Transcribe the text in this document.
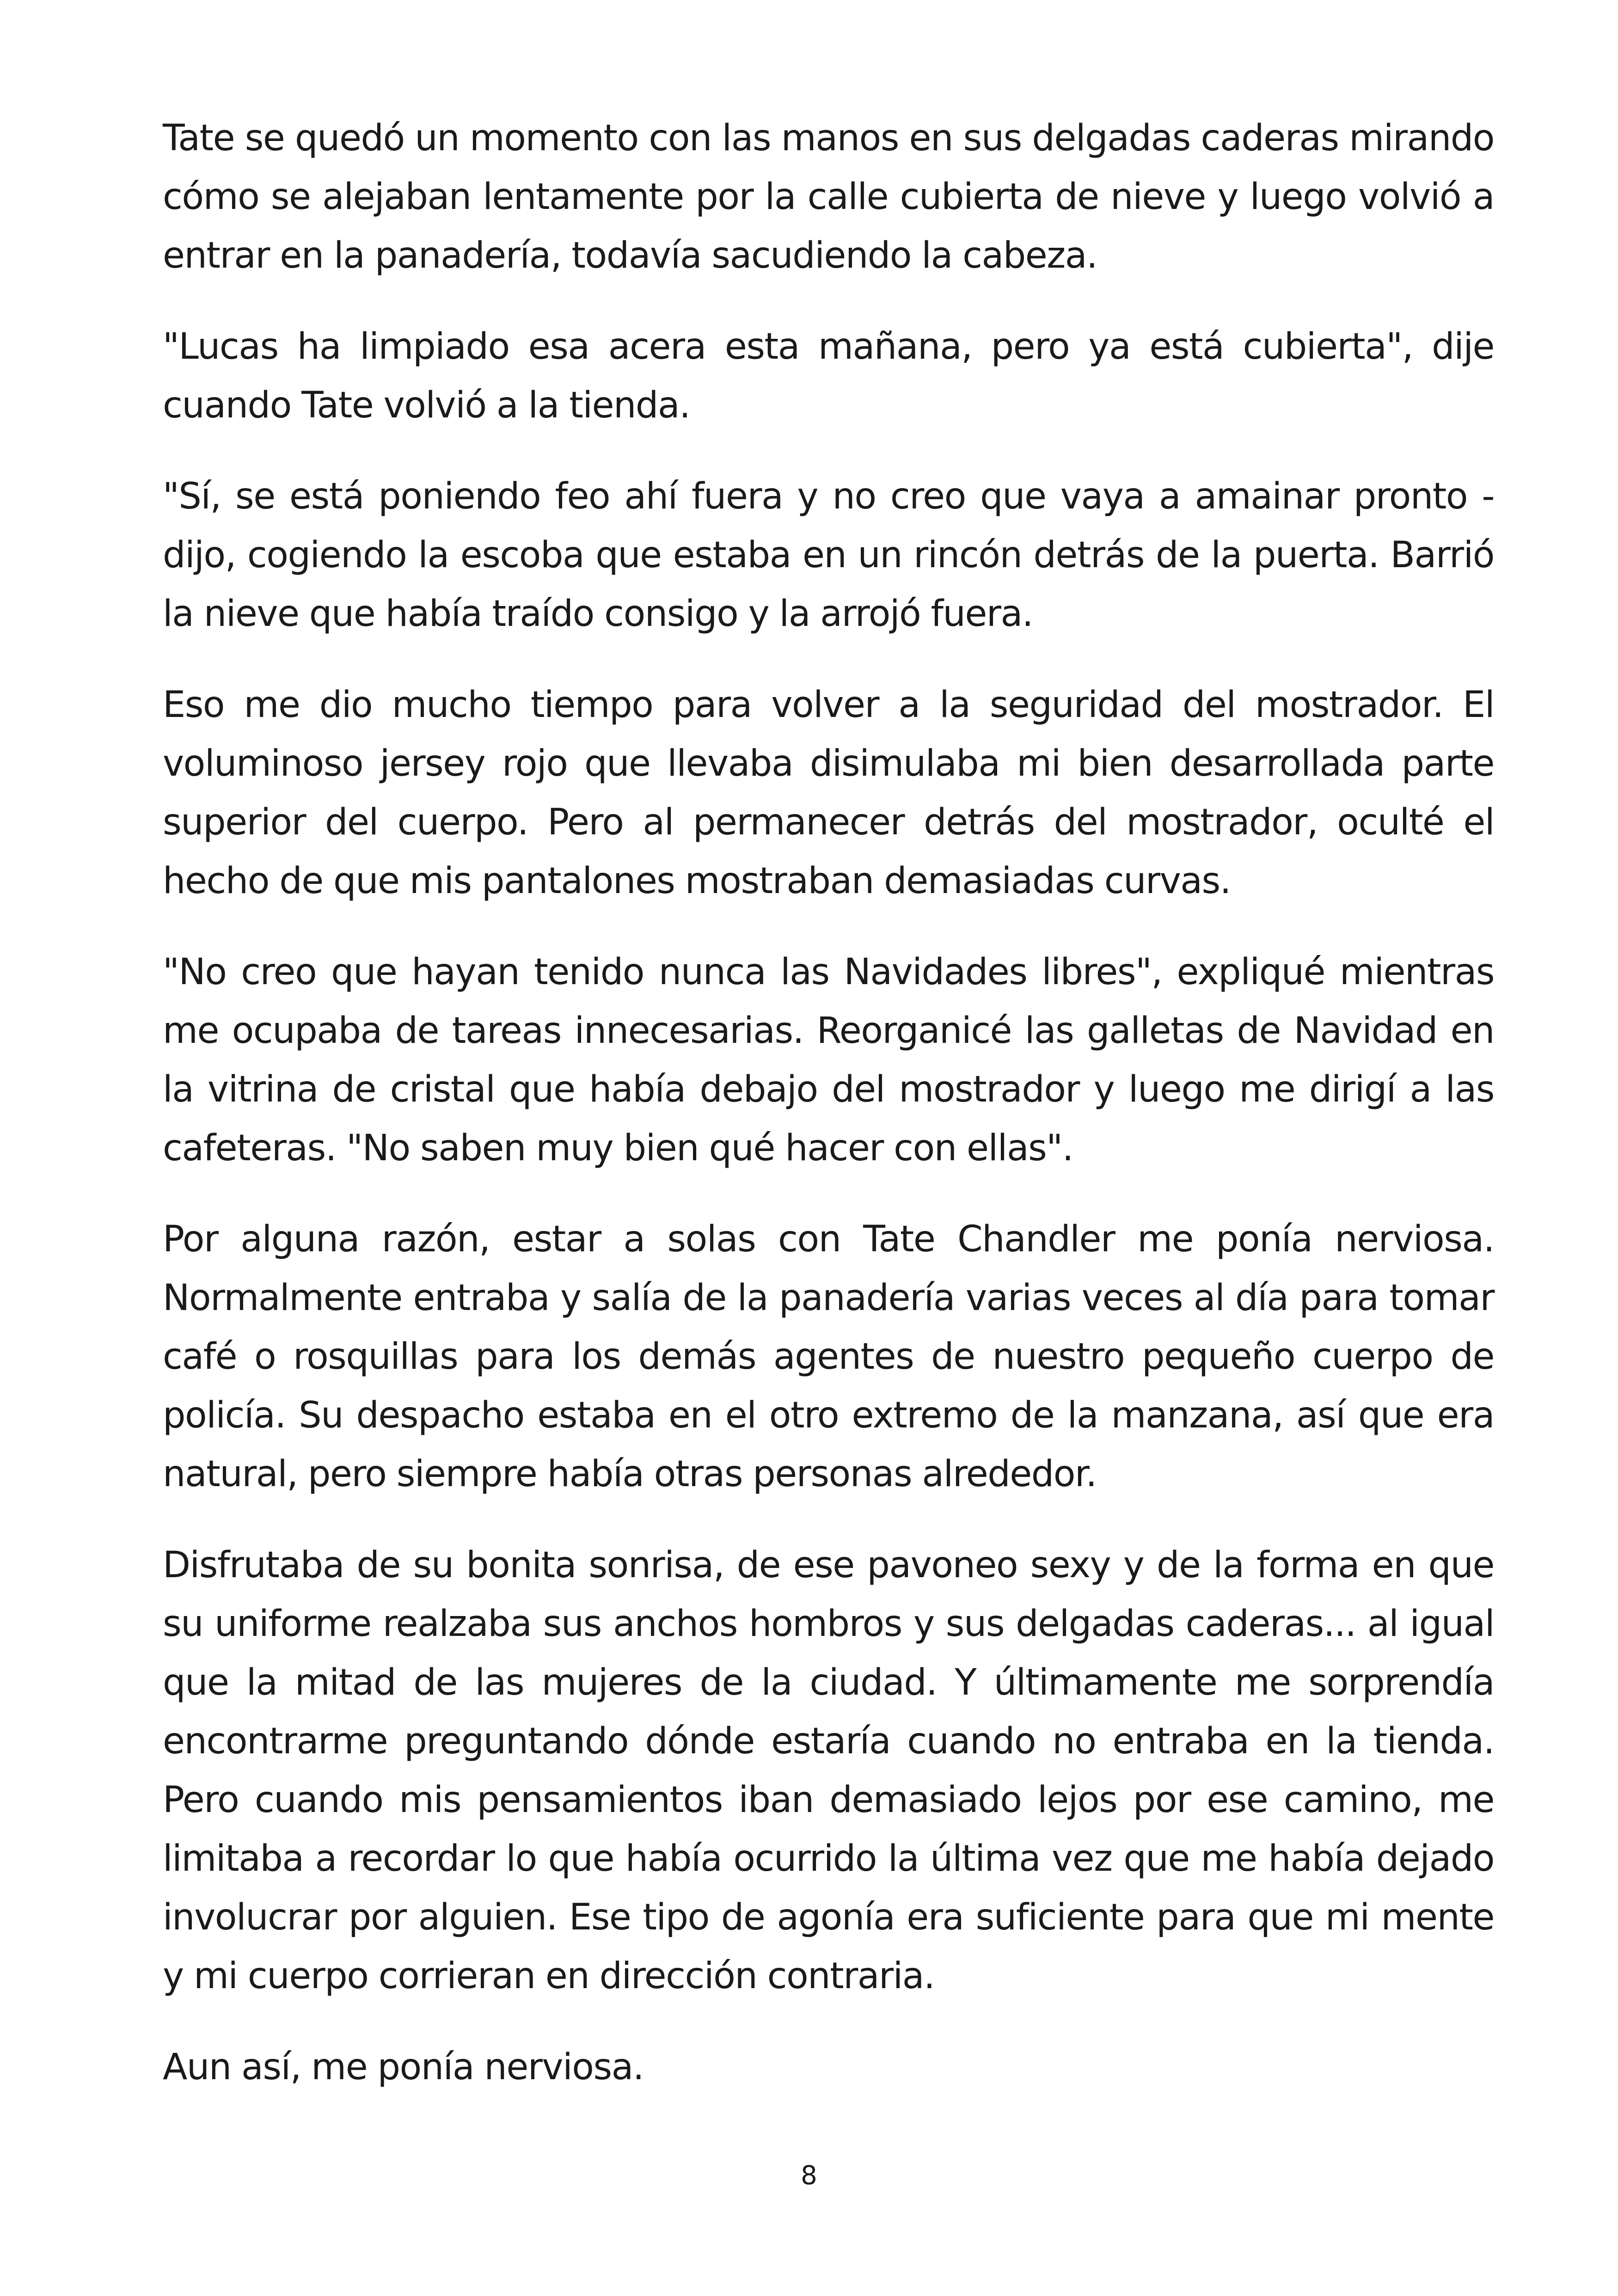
Tate se quedó un momento con las manos en sus delgadas caderas mirando cómo se alejaban lentamente por la calle cubierta de nieve y luego volvió a entrar en la panadería, todavía sacudiendo la cabeza.

"Lucas ha limpiado esa acera esta mañana, pero ya está cubierta", dije cuando Tate volvió a la tienda.

"Sí, se está poniendo feo ahí fuera y no creo que vaya a amainar pronto -dijo, cogiendo la escoba que estaba en un rincón detrás de la puerta. Barrió la nieve que había traído consigo y la arrojó fuera.

Eso me dio mucho tiempo para volver a la seguridad del mostrador. El voluminoso jersey rojo que llevaba disimulaba mi bien desarrollada parte superior del cuerpo. Pero al permanecer detrás del mostrador, oculté el hecho de que mis pantalones mostraban demasiadas curvas.

"No creo que hayan tenido nunca las Navidades libres", expliqué mientras me ocupaba de tareas innecesarias. Reorganicé las galletas de Navidad en la vitrina de cristal que había debajo del mostrador y luego me dirigí a las cafeteras. "No saben muy bien qué hacer con ellas".

Por alguna razón, estar a solas con Tate Chandler me ponía nerviosa. Normalmente entraba y salía de la panadería varias veces al día para tomar café o rosquillas para los demás agentes de nuestro pequeño cuerpo de policía. Su despacho estaba en el otro extremo de la manzana, así que era natural, pero siempre había otras personas alrededor.

Disfrutaba de su bonita sonrisa, de ese pavoneo sexy y de la forma en que su uniforme realzaba sus anchos hombros y sus delgadas caderas... al igual que la mitad de las mujeres de la ciudad. Y últimamente me sorprendía encontrarme preguntando dónde estaría cuando no entraba en la tienda. Pero cuando mis pensamientos iban demasiado lejos por ese camino, me limitaba a recordar lo que había ocurrido la última vez que me había dejado involucrar por alguien. Ese tipo de agonía era suficiente para que mi mente y mi cuerpo corrieran en dirección contraria.

Aun así, me ponía nerviosa.

8
